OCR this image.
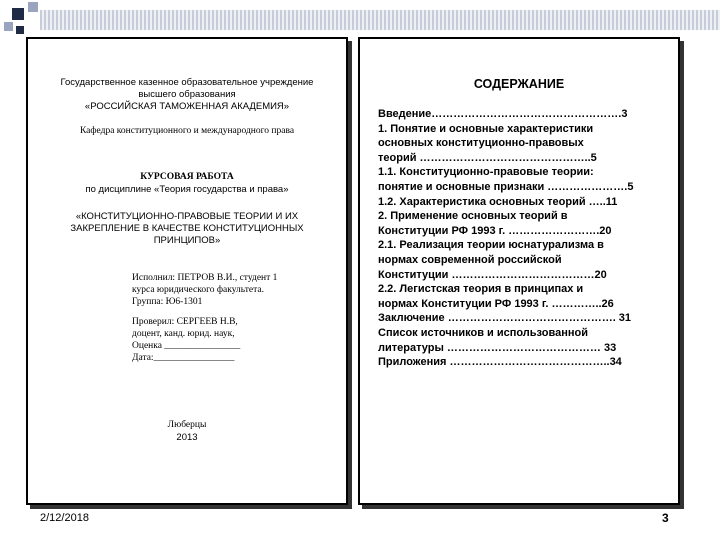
Государственное казенное образовательное учреждение
высшего образования
«РОССИЙСКАЯ ТАМОЖЕННАЯ АКАДЕМИЯ»
Кафедра конституционного и международного права
КУРСОВАЯ РАБОТА
по дисциплине «Теория государства и права»
«КОНСТИТУЦИОННО-ПРАВОВЫЕ ТЕОРИИ И ИХ
ЗАКРЕПЛЕНИЕ В КАЧЕСТВЕ КОНСТИТУЦИОННЫХ
ПРИНЦИПОВ»
Исполнил: ПЕТРОВ В.И., студент 1
курса юридического факультета.
Группа: Ю6-1301
Проверил: СЕРГЕЕВ Н.В,
доцент, канд. юрид. наук,
Оценка ________________
Дата:_________________
Люберцы
2013
СОДЕРЖАНИЕ
Введение…………………………………………….3
1. Понятие и основные характеристики
основных конституционно-правовых
теорий ………………………………………..5
1.1. Конституционно-правовые теории:
понятие и основные признаки ………………….5
1.2. Характеристика основных теорий …..11
2. Применение основных теорий в
Конституции РФ 1993 г. …………………….20
2.1. Реализация теории юснатурализма в
нормах современной российской
Конституции …………………………………20
2.2. Легистская теория в принципах и
нормах Конституции РФ 1993 г. …………..26
Заключение ………………………………………. 31
Список источников и использованной
литературы …………………………………… 33
Приложения ……………………………………..34
2/12/2018	3
